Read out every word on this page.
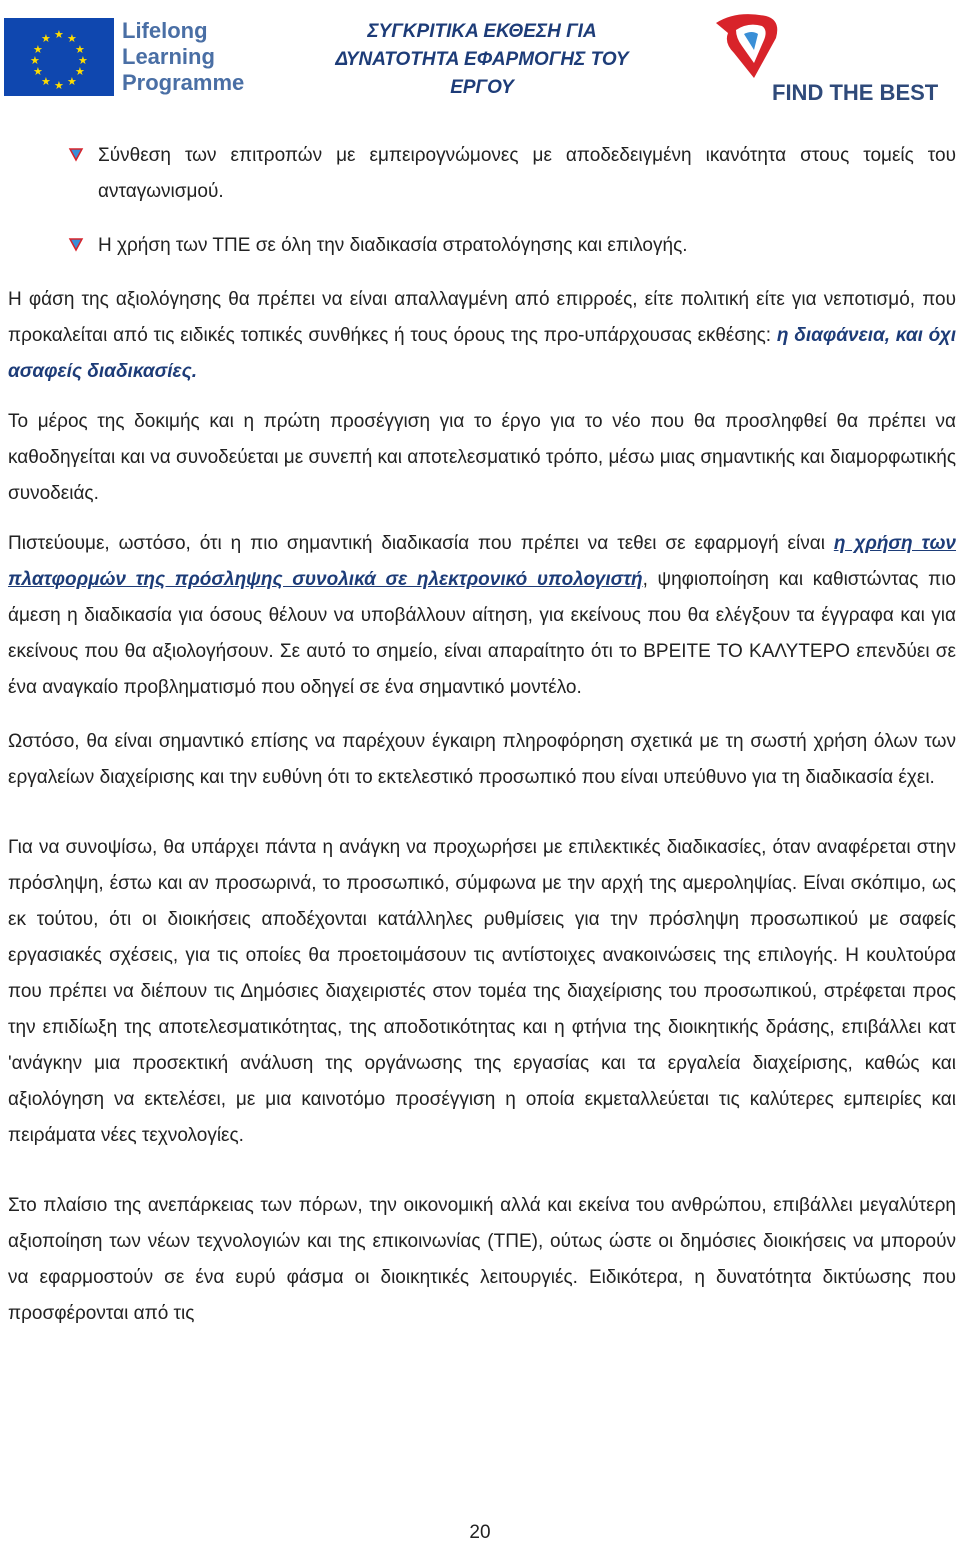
★ ★
★
★
★
★
★
★
★
★
★
★	Lifelong
Learning
Programme
ΣΥΓΚΡΙΤΙΚΑ ΕΚΘΕΣΗ ΓΙΑ
ΔΥΝΑΤΟΤΗΤΑ ΕΦΑΡΜΟΓΗΣ ΤΟΥ
ΕΡΓΟΥ	FIND THE BEST
Σύνθεση των επιτροπών με εμπειρογνώμονες με αποδεδειγμένη ικανότητα στους τομείς του ανταγωνισμού.
Η χρήση των ΤΠΕ σε όλη την διαδικασία στρατολόγησης και επιλογής.

Η φάση της αξιολόγησης θα πρέπει να είναι απαλλαγμένη από επιρροές, είτε πολιτική είτε για νεποτισμό, που προκαλείται από τις ειδικές τοπικές συνθήκες ή τους όρους της προ-υπάρχουσας εκθέσης: η διαφάνεια, και όχι ασαφείς διαδικασίες.

Το μέρος της δοκιμής και η πρώτη προσέγγιση για το έργο για το νέο που θα προσληφθεί θα πρέπει να καθοδηγείται και να συνοδεύεται με συνεπή και αποτελεσματικό τρόπο, μέσω μιας σημαντικής και διαμορφωτικής συνοδειάς.

Πιστεύουμε, ωστόσο, ότι η πιο σημαντική διαδικασία που πρέπει να τεθει σε εφαρμογή είναι η χρήση των πλατφορμών της πρόσληψης συνολικά σε ηλεκτρονικό υπολογιστή, ψηφιοποίηση και καθιστώντας πιο άμεση η διαδικασία για όσους θέλουν να υποβάλλουν αίτηση, για εκείνους που θα ελέγξουν τα έγγραφα και για εκείνους που θα αξιολογήσουν. Σε αυτό το σημείο, είναι απαραίτητο ότι το ΒΡΕΙΤΕ ΤΟ ΚΑΛΥΤΕΡΟ επενδύει σε ένα αναγκαίο προβληματισμό που οδηγεί σε ένα σημαντικό μοντέλο.

Ωστόσο, θα είναι σημαντικό επίσης να παρέχουν έγκαιρη πληροφόρηση σχετικά με τη σωστή χρήση όλων των εργαλείων διαχείρισης και την ευθύνη ότι το εκτελεστικό προσωπικό που είναι υπεύθυνο για τη διαδικασία έχει.

Για να συνοψίσω, θα υπάρχει πάντα η ανάγκη να προχωρήσει με επιλεκτικές διαδικασίες, όταν αναφέρεται στην πρόσληψη, έστω και αν προσωρινά, το προσωπικό, σύμφωνα με την αρχή της αμεροληψίας. Είναι σκόπιμο, ως εκ τούτου, ότι οι διοικήσεις αποδέχονται κατάλληλες ρυθμίσεις για την πρόσληψη προσωπικού με σαφείς εργασιακές σχέσεις, για τις οποίες θα προετοιμάσουν τις αντίστοιχες ανακοινώσεις της επιλογής. Η κουλτούρα που πρέπει να διέπουν τις Δημόσιες διαχειριστές στον τομέα της διαχείρισης του προσωπικού, στρέφεται προς την επιδίωξη της αποτελεσματικότητας, της αποδοτικότητας και η φτήνια της διοικητικής δράσης, επιβάλλει κατ 'ανάγκην μια προσεκτική ανάλυση της οργάνωσης της εργασίας και τα εργαλεία διαχείρισης, καθώς και αξιολόγηση να εκτελέσει, με μια καινοτόμο προσέγγιση η οποία εκμεταλλεύεται τις καλύτερες εμπειρίες και πειράματα νέες τεχνολογίες.

Στο πλαίσιο της ανεπάρκειας των πόρων, την οικονομική αλλά και εκείνα του ανθρώπου, επιβάλλει μεγαλύτερη αξιοποίηση των νέων τεχνολογιών και της επικοινωνίας (ΤΠΕ), ούτως ώστε οι δημόσιες διοικήσεις να μπορούν να εφαρμοστούν σε ένα ευρύ φάσμα οι διοικητικές λειτουργιές. Ειδικότερα, η δυνατότητα δικτύωσης που προσφέρονται από τις

20
